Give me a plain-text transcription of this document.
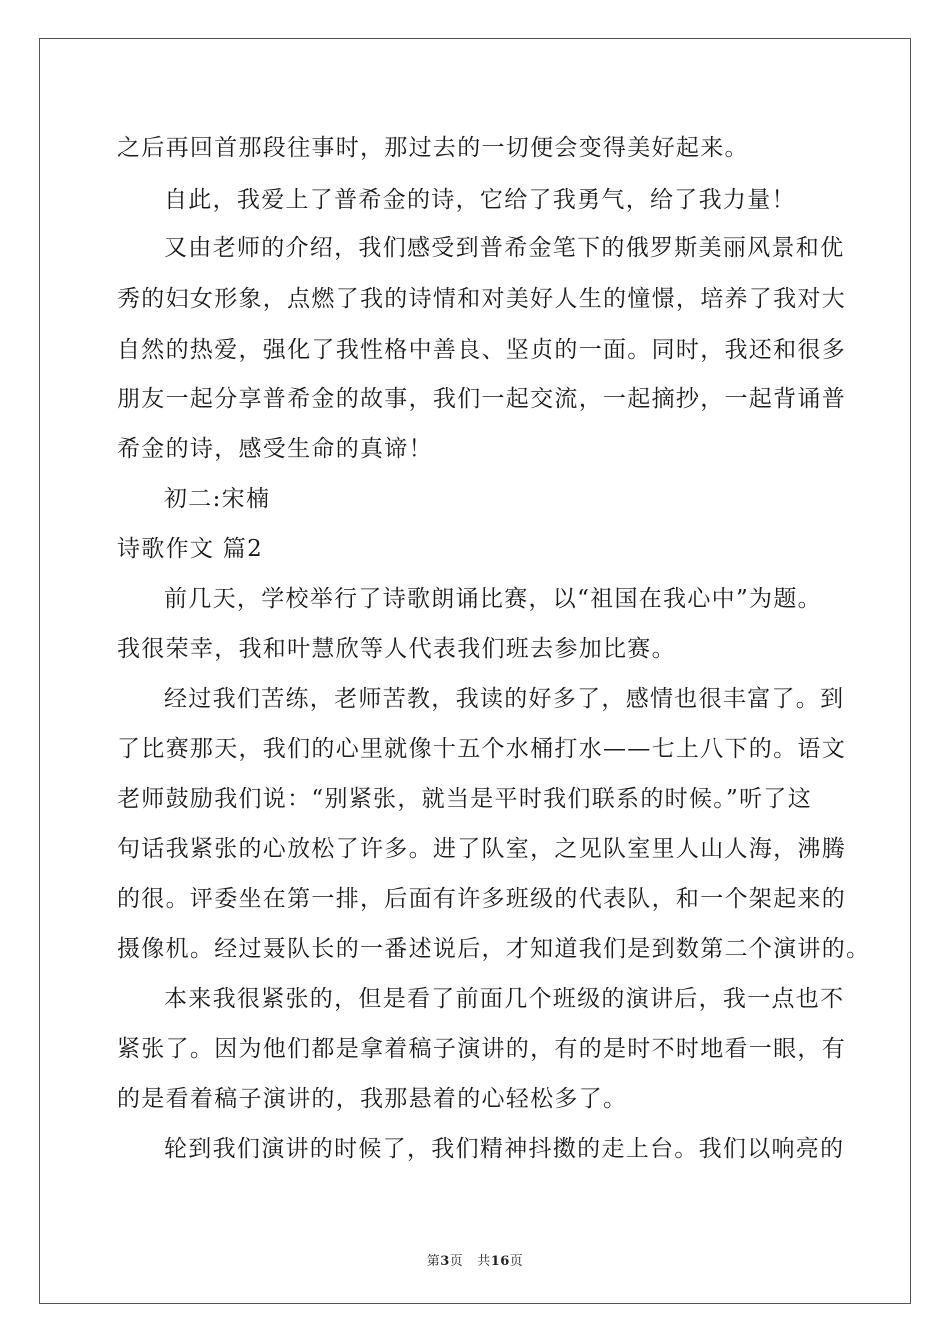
之后再回首那段往事时，那过去的一切便会变得美好起来。
自此，我爱上了普希金的诗，它给了我勇气，给了我力量！
又由老师的介绍，我们感受到普希金笔下的俄罗斯美丽风景和优
秀的妇女形象，点燃了我的诗情和对美好人生的憧憬，培养了我对大
自然的热爱，强化了我性格中善良、坚贞的一面。同时，我还和很多
朋友一起分享普希金的故事，我们一起交流，一起摘抄，一起背诵普
希金的诗，感受生命的真谛！
初二:宋楠
诗歌作文 篇2
前几天，学校举行了诗歌朗诵比赛，以“祖国在我心中”为题。
我很荣幸，我和叶慧欣等人代表我们班去参加比赛。
经过我们苦练，老师苦教，我读的好多了，感情也很丰富了。到
了比赛那天，我们的心里就像十五个水桶打水——七上八下的。语文
老师鼓励我们说：“别紧张，就当是平时我们联系的时候。”听了这
句话我紧张的心放松了许多。进了队室，之见队室里人山人海，沸腾
的很。评委坐在第一排，后面有许多班级的代表队，和一个架起来的
摄像机。经过聂队长的一番述说后，才知道我们是到数第二个演讲的。
本来我很紧张的，但是看了前面几个班级的演讲后，我一点也不
紧张了。因为他们都是拿着稿子演讲的，有的是时不时地看一眼，有
的是看着稿子演讲的，我那悬着的心轻松多了。
轮到我们演讲的时候了，我们精神抖擞的走上台。我们以响亮的
第3页 共16页
